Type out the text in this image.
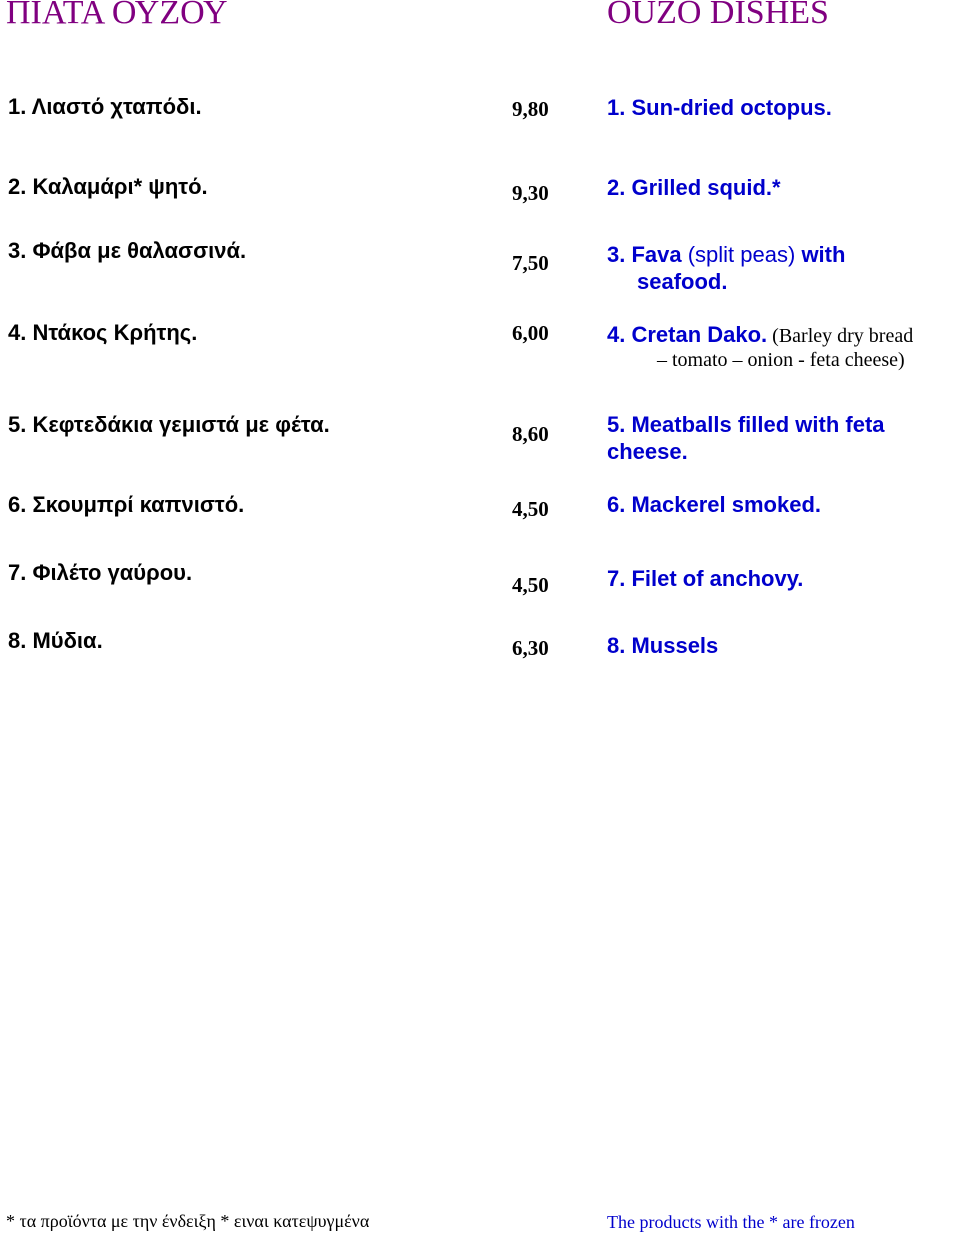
ΠΙΑΤΑ ΟΥΖΟΥ	OUZO DISHES
1. Λιαστό χταπόδι.	9,80	1. Sun-dried octopus.
2. Καλαμάρι* ψητό.	9,30	2. Grilled squid.*
3. Φάβα με θαλασσινά.	7,50	3. Fava (split peas) with
seafood.
4. Ντάκος Κρήτης.	6,00	4. Cretan Dako. (Barley dry bread
– tomato – onion - feta cheese)
5. Κεφτεδάκια γεμιστά με φέτα.	8,60	5. Meatballs filled with feta
cheese.
6. Σκουμπρί καπνιστό.	4,50	6. Mackerel smoked.
7. Φιλέτο γαύρου.	4,50	7. Filet of anchovy.
8. Μύδια.	6,30	8. Mussels
* τα προϊόντα με την ένδειξη * ειναι κατεψυγμένα	The products with the * are frozen
